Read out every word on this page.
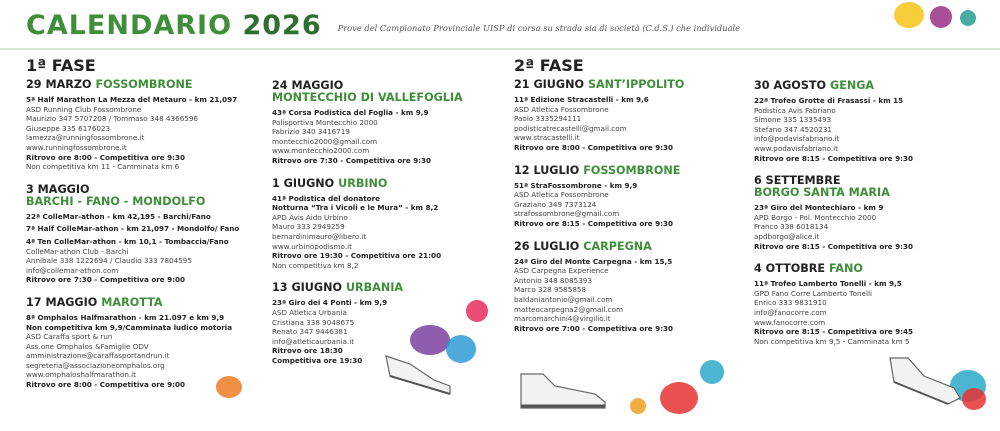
CALENDARIO 2026 Prove del Campionato Provinciale UISP di corsa su strada sia di società (C.d.S.) che individuale
1ª FASE
29 MARZO FOSSOMBRONE
5ª Half Marathon La Mezza del Metauro - km 21,097
ASD Running Club Fossombrone
Maurizio 347 5707208 / Tommaso 348 4366596
Giuseppe 335 6176023
lamezza@runningfossombrone.it
www.runningfossombrone.it
Ritrovo ore 8:00 - Competitiva ore 9:30
Non competitiva km 11 - Camminata km 6
3 MAGGIO
BARCHI - FANO - MONDOLFO
22ª ColleMar-athon - km 42,195 - Barchi/Fano
7ª Half ColleMar-athon - km 21,097 - Mondolfo/ Fano
4ª Ten ColleMar-athon - km 10,1 - Tombaccia/Fano
ColleMar-athon Club - Barchi
Annibale 338 1222694 / Claudio 333 7804595
info@collemar-athon.com
Ritrovo ore 7:30 - Competitiva ore 9:00
17 MAGGIO MAROTTA
8ª Omphalos Halfmarathon - km 21.097 e km 9,9
Non competitiva km 9,9/Camminata ludico motoria
ASD Caraffa sport & run
Ass.one Omphalos &Famiglie ODV
amministrazione@caraffasportandrun.it
segreteria@associazioneomphalos.org
www.omphaloshalfmarathon.it
Ritrovo ore 8:00 - Competitiva ore 9:00
24 MAGGIO
MONTECCHIO DI VALLEFOGLIA
43ª Corsa Podistica del Foglia - km 9,9
Polisportiva Montecchio 2000
Fabrizio 340 3416719
montecchio2000@gmail.com
www.montecchio2000.com
Ritrovo ore 7:30 - Competitiva ore 9:30
1 GIUGNO URBINO
41ª Podistica del donatore
Notturna “Tra i Vicoli e le Mura” - km 8,2
APD Avis Aido Urbino
Mauro 333 2949259
bernardinimauro@libero.it
www.urbinopodismo.it
Ritrovo ore 19:30 - Competitiva ore 21:00
Non competitiva km 8,2
13 GIUGNO URBANIA
23ª Giro dei 4 Ponti - km 9,9
ASD Atletica Urbania
Cristiana 338 9048675
Renato 347 9446381
info@atleticaurbania.it
Ritrovo ore 18:30
Competitiva ore 19:30
2ª FASE
21 GIUGNO SANT’IPPOLITO
11ª Edizione Stracastelli - km 9,6
ASD Atletica Fossombrone
Paolo 3335294111
podisticatrecastelli@gmail.com
www.stracastelli.it
Ritrovo ore 8:00 - Competitiva ore 9:30
12 LUGLIO FOSSOMBRONE
51ª StraFossombrone - km 9,9
ASD Atletica Fossombrone
Graziano 349 7373124
strafossombrone@gmail.com
Ritrovo ore 8:15 - Competitiva ore 9:30
26 LUGLIO CARPEGNA
24ª Giro del Monte Carpegna - km 15,5
ASD Carpegna Experience
Antonio 348 8085393
Marco 328 9585858
baldaniantonio@gmail.com
matteocarpegna2@gmail.com
marcomarchini4@virgilio.it
Ritrovo ore 7:00 - Competitiva ore 9:30
30 AGOSTO GENGA
22ª Trofeo Grotte di Frasassi - km 15
Podistica Avis Fabriano
Simone 335 1335493
Stefano 347 4520231
info@podavisfabriano.it
www.podavisfabriano.it
Ritrovo ore 8:15 - Competitiva ore 9:30
6 SETTEMBRE
BORGO SANTA MARIA
23ª Giro del Montechiaro - km 9
APD Borgo - Pol. Montecchio 2000
Franco 338 6018134
apdborgo@alice.it
Ritrovo ore 8:15 - Competitiva ore 9:30
4 OTTOBRE FANO
11ª Trofeo Lamberto Tonelli - km 9,5
GPD Fano Corre Lamberto Tonelli
Enrico 333 9831910
info@fanocorre.com
www.fanocorre.com
Ritrovo ore 8:15 - Competitiva ore 9:45
Non competitiva km 9,5 - Camminata km 5
